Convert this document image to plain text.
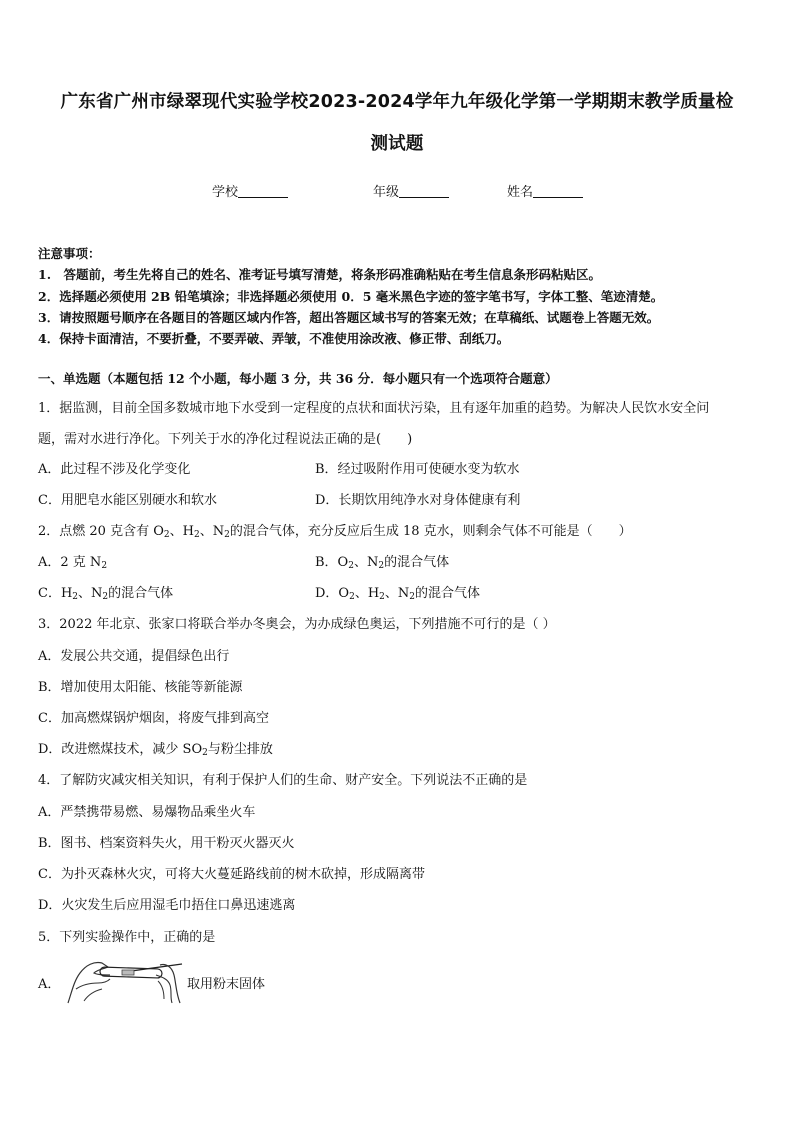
广东省广州市绿翠现代实验学校2023-2024学年九年级化学第一学期期末教学质量检
测试题
学校	年级	姓名
注意事项：
1.　答题前，考生先将自己的姓名、准考证号填写清楚，将条形码准确粘贴在考生信息条形码粘贴区。
2．选择题必须使用 2B 铅笔填涂；非选择题必须使用 0．5 毫米黑色字迹的签字笔书写，字体工整、笔迹清楚。
3．请按照题号顺序在各题目的答题区域内作答，超出答题区域书写的答案无效；在草稿纸、试题卷上答题无效。
4．保持卡面清洁，不要折叠，不要弄破、弄皱，不准使用涂改液、修正带、刮纸刀。
一、单选题（本题包括 12 个小题，每小题 3 分，共 36 分．每小题只有一个选项符合题意）
1．据监测，目前全国多数城市地下水受到一定程度的点状和面状污染，且有逐年加重的趋势。为解决人民饮水安全问
题，需对水进行净化。下列关于水的净化过程说法正确的是(　　)
A．此过程不涉及化学变化	B．经过吸附作用可使硬水变为软水
C．用肥皂水能区别硬水和软水	D．长期饮用纯净水对身体健康有利
2．点燃 20 克含有 $O_2$、$H_2$、$N_2$的混合气体，充分反应后生成 18 克水，则剩余气体不可能是（　　）
A．2 克 $N_2$	B．$O_2$、$N_2$的混合气体
C．$H_2$、$N_2$的混合气体	D．$O_2$、$H_2$、$N_2$的混合气体
3．2022 年北京、张家口将联合举办冬奥会，为办成绿色奥运，下列措施不可行的是（ ）
A．发展公共交通，提倡绿色出行
B．增加使用太阳能、核能等新能源
C．加高燃煤锅炉烟囱，将废气排到高空
D．改进燃煤技术，减少 $SO_2$与粉尘排放
4．了解防灾减灾相关知识，有利于保护人们的生命、财产安全。下列说法不正确的是
A．严禁携带易燃、易爆物品乘坐火车
B．图书、档案资料失火，用干粉灭火器灭火
C．为扑灭森林火灾，可将大火蔓延路线前的树木砍掉，形成隔离带
D．火灾发生后应用湿毛巾捂住口鼻迅速逃离
5．下列实验操作中，正确的是
A．	取用粉末固体
